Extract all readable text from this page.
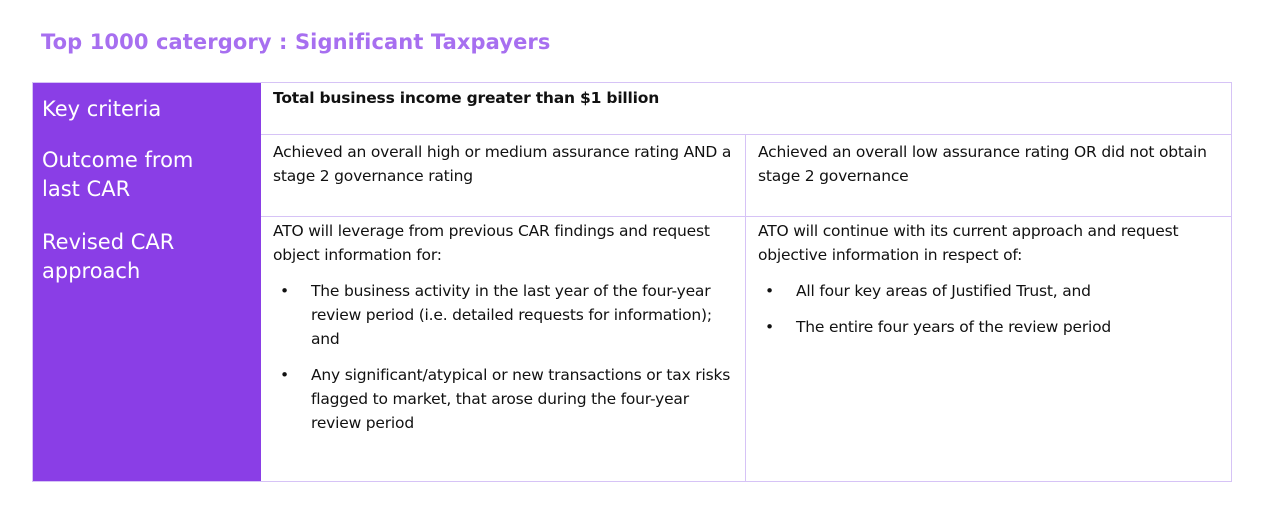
Top 1000 catergory : Significant Taxpayers
Key criteria
Outcome from last CAR
Revised CAR approach
Total business income greater than $1 billion
Achieved an overall high or medium assurance rating AND a stage 2 governance rating
Achieved an overall low assurance rating OR did not obtain stage 2 governance
ATO will leverage from previous CAR findings and request object information for:
• The business activity in the last year of the four-year review period (i.e. detailed requests for information); and
• Any significant/atypical or new transactions or tax risks flagged to market, that arose during the four-year review period
ATO will continue with its current approach and request objective information in respect of:
• All four key areas of Justified Trust, and
• The entire four years of the review period
